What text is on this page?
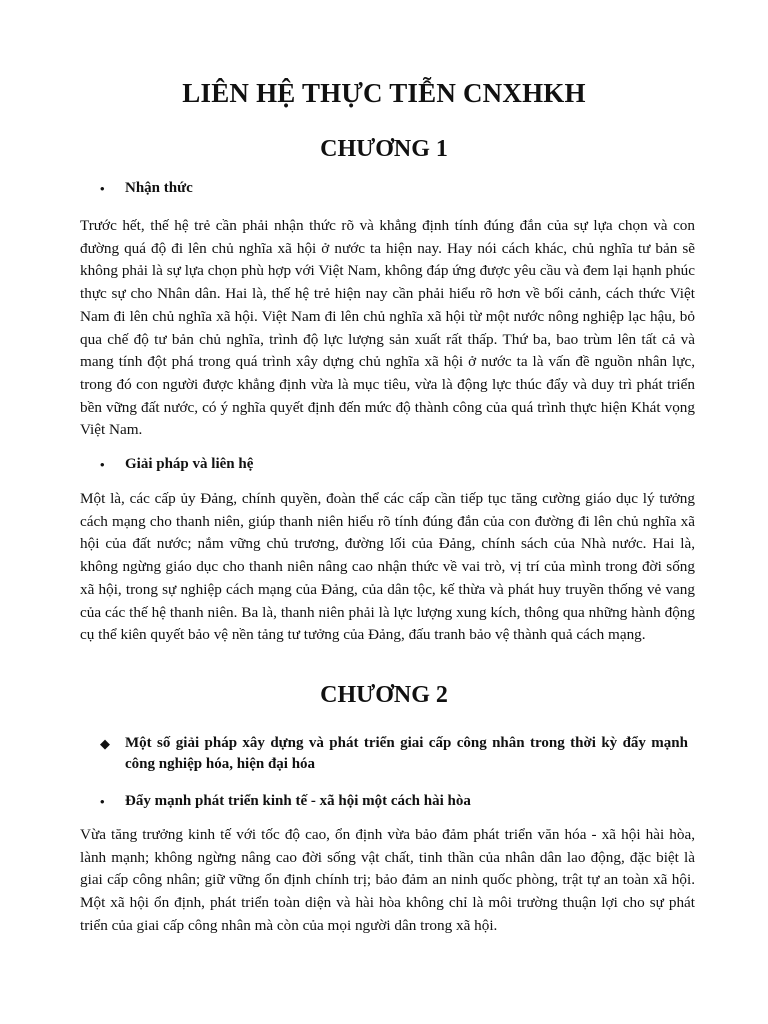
LIÊN HỆ THỰC TIỄN CNXHKH
CHƯƠNG 1
•	Nhận thức

Trước hết, thế hệ trẻ cần phải nhận thức rõ và khẳng định tính đúng đắn của sự lựa chọn và con đường quá độ đi lên chủ nghĩa xã hội ở nước ta hiện nay. Hay nói cách khác, chủ nghĩa tư bản sẽ không phải là sự lựa chọn phù hợp với Việt Nam, không đáp ứng được yêu cầu và đem lại hạnh phúc thực sự cho Nhân dân. Hai là, thế hệ trẻ hiện nay cần phải hiểu rõ hơn về bối cảnh, cách thức Việt Nam đi lên chủ nghĩa xã hội. Việt Nam đi lên chủ nghĩa xã hội từ một nước nông nghiệp lạc hậu, bỏ qua chế độ tư bản chủ nghĩa, trình độ lực lượng sản xuất rất thấp. Thứ ba, bao trùm lên tất cả và mang tính đột phá trong quá trình xây dựng chủ nghĩa xã hội ở nước ta là vấn đề nguồn nhân lực, trong đó con người được khẳng định vừa là mục tiêu, vừa là động lực thúc đẩy và duy trì phát triển bền vững đất nước, có ý nghĩa quyết định đến mức độ thành công của quá trình thực hiện Khát vọng Việt Nam.

•	Giải pháp và liên hệ

Một là, các cấp ủy Đảng, chính quyền, đoàn thể các cấp cần tiếp tục tăng cường giáo dục lý tưởng cách mạng cho thanh niên, giúp thanh niên hiểu rõ tính đúng đắn của con đường đi lên chủ nghĩa xã hội của đất nước; nắm vững chủ trương, đường lối của Đảng, chính sách của Nhà nước. Hai là, không ngừng giáo dục cho thanh niên nâng cao nhận thức về vai trò, vị trí của mình trong đời sống xã hội, trong sự nghiệp cách mạng của Đảng, của dân tộc, kế thừa và phát huy truyền thống vẻ vang của các thế hệ thanh niên. Ba là, thanh niên phải là lực lượng xung kích, thông qua những hành động cụ thể kiên quyết bảo vệ nền tảng tư tưởng của Đảng, đấu tranh bảo vệ thành quả cách mạng.

CHƯƠNG 2
◆	Một số giải pháp xây dựng và phát triển giai cấp công nhân trong thời kỳ đẩy mạnh công nghiệp hóa, hiện đại hóa
•	Đẩy mạnh phát triển kinh tế - xã hội một cách hài hòa

Vừa tăng trưởng kinh tế với tốc độ cao, ổn định vừa bảo đảm phát triển văn hóa - xã hội hài hòa, lành mạnh; không ngừng nâng cao đời sống vật chất, tinh thần của nhân dân lao động, đặc biệt là giai cấp công nhân; giữ vững ổn định chính trị; bảo đảm an ninh quốc phòng, trật tự an toàn xã hội. Một xã hội ổn định, phát triển toàn diện và hài hòa không chỉ là môi trường thuận lợi cho sự phát triển của giai cấp công nhân mà còn của mọi người dân trong xã hội.
